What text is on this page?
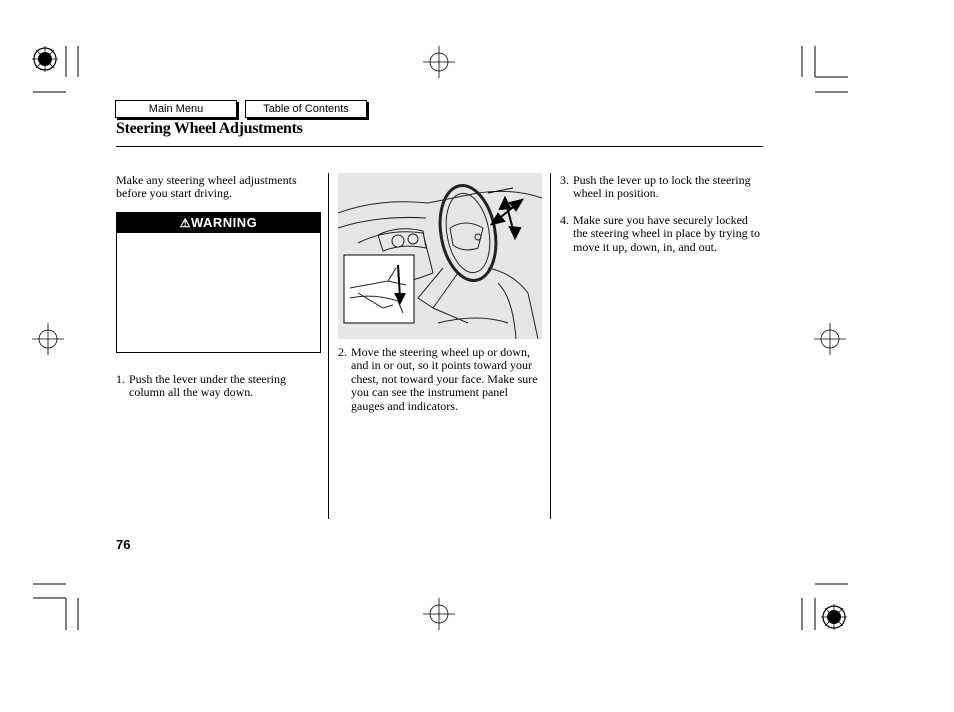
Main Menu	Table of Contents
Steering Wheel Adjustments
Make any steering wheel adjustments before you start driving.
⚠WARNING
1. Push the lever under the steering column all the way down.
2. Move the steering wheel up or down, and in or out, so it points toward your chest, not toward your face. Make sure you can see the instrument panel gauges and indicators.
3. Push the lever up to lock the steering wheel in position.
4. Make sure you have securely locked the steering wheel in place by trying to move it up, down, in, and out.
76
